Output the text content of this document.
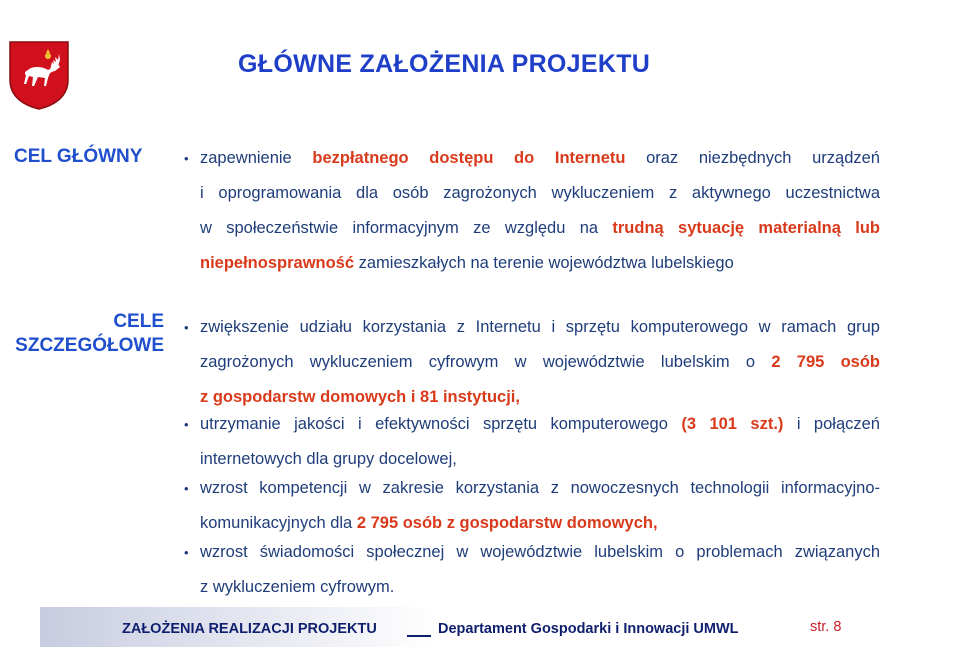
GŁÓWNE ZAŁOŻENIA PROJEKTU
CEL GŁÓWNY	• zapewnienie bezpłatnego dostępu do Internetu oraz niezbędnych urządzeń
i oprogramowania dla osób zagrożonych wykluczeniem z aktywnego uczestnictwa
w społeczeństwie informacyjnym ze względu na trudną sytuację materialną lub
niepełnosprawność zamieszkałych na terenie województwa lubelskiego
CELE
SZCZEGÓŁOWE
• zwiększenie udziału korzystania z Internetu i sprzętu komputerowego w ramach grup
zagrożonych wykluczeniem cyfrowym w województwie lubelskim o 2 795 osób
z gospodarstw domowych i 81 instytucji,
• utrzymanie jakości i efektywności sprzętu komputerowego (3 101 szt.) i połączeń
internetowych dla grupy docelowej,
• wzrost kompetencji w zakresie korzystania z nowoczesnych technologii informacyjno-
komunikacyjnych dla 2 795 osób z gospodarstw domowych,
• wzrost świadomości społecznej w województwie lubelskim o problemach związanych
z wykluczeniem cyfrowym.
ZAŁOŻENIA REALIZACJI PROJEKTU	Departament Gospodarki i Innowacji UMWL	str. 8
